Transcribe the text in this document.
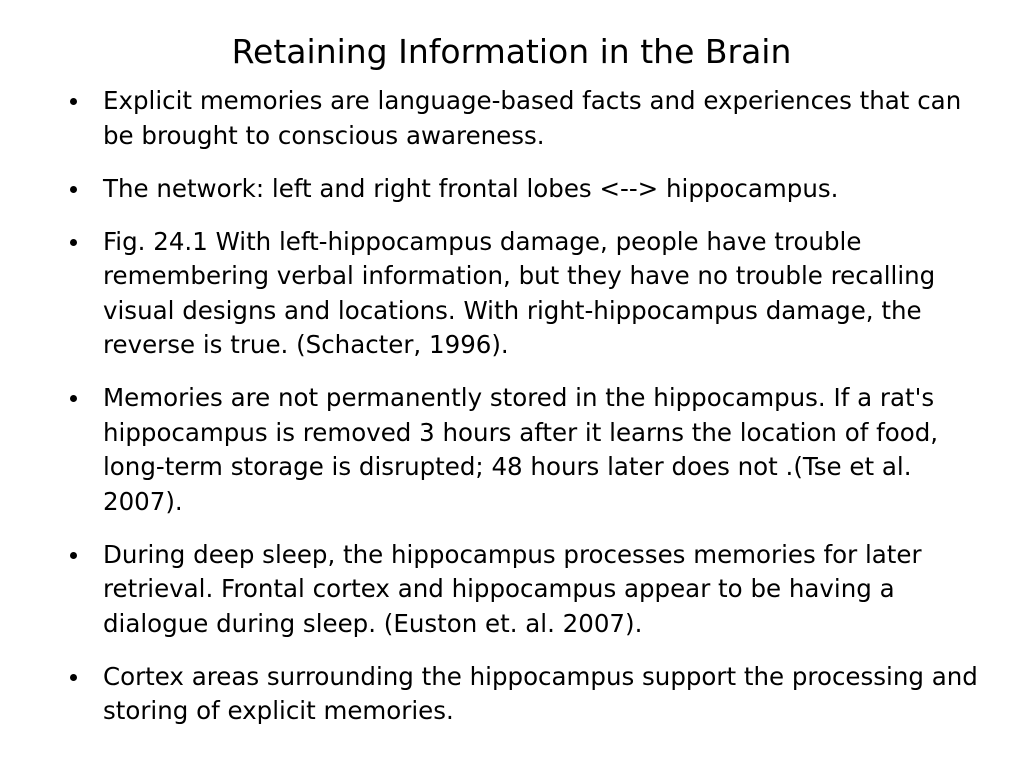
Retaining Information in the Brain
Explicit memories are language-based facts and experiences that can be brought to conscious awareness.
The network: left and right frontal lobes <--> hippocampus.
Fig. 24.1 With left-hippocampus damage, people have trouble remembering verbal information, but they have no trouble recalling visual designs and locations. With right-hippocampus damage, the reverse is true. (Schacter, 1996).
Memories are not permanently stored in the hippocampus. If a rat's hippocampus is removed 3 hours after it learns the location of food, long-term storage is disrupted; 48 hours later does not .(Tse et al. 2007).
During deep sleep, the hippocampus processes memories for later retrieval. Frontal cortex and hippocampus appear to be having a dialogue during sleep. (Euston et. al. 2007).
Cortex areas surrounding the hippocampus support the processing and storing of explicit memories.
